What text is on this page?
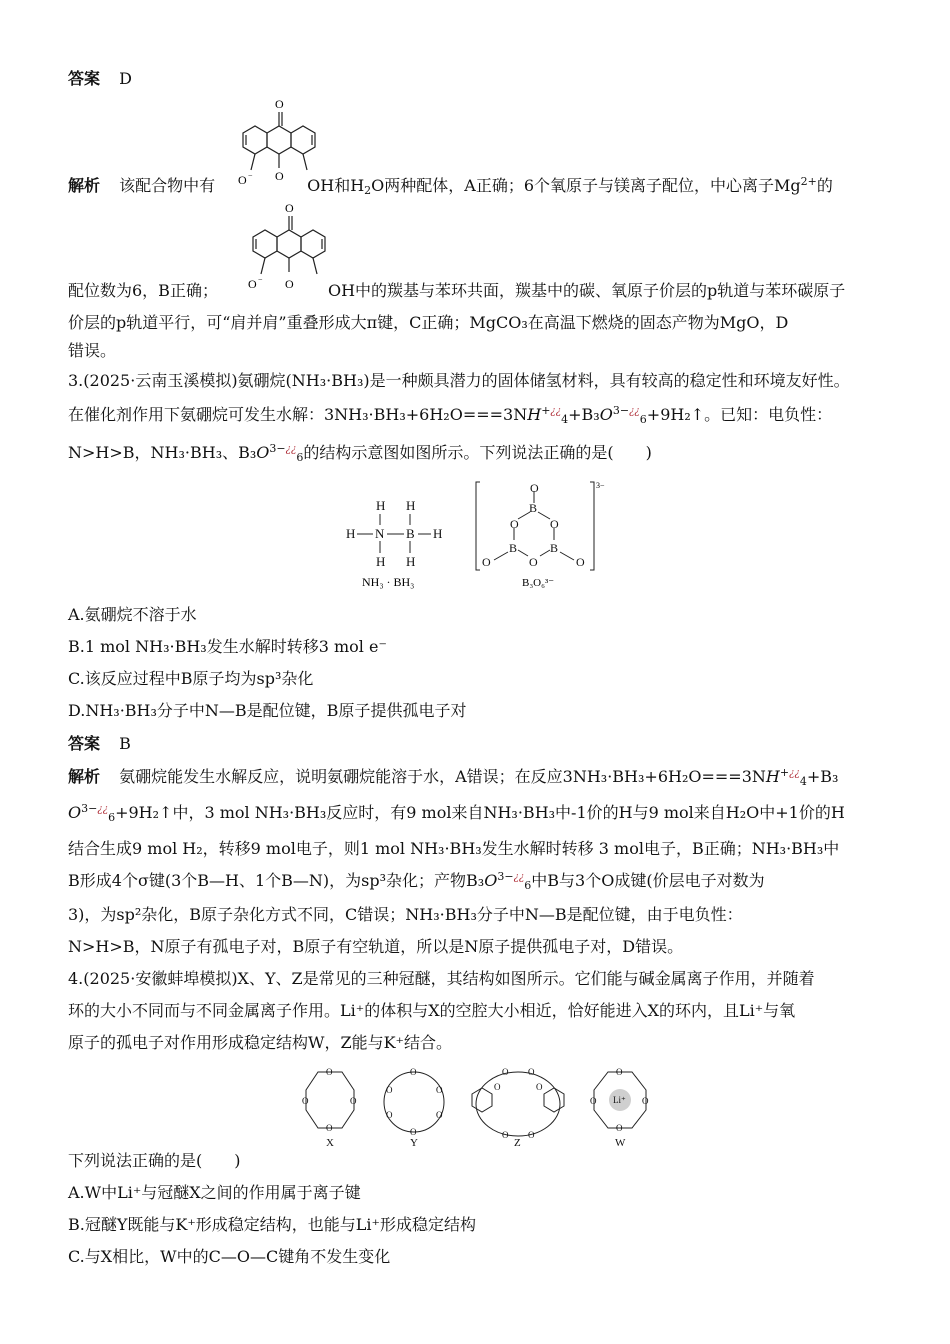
答案 D
O
O
O −
解析 该配合物中有	OH和$H_2O$两种配体，A正确；6个氧原子与镁离子配位，中心离子$Mg^{2+}$的
O
O
O −
配位数为6，B正确；	OH中的羰基与苯环共面，羰基中的碳、氧原子价层的p轨道与苯环碳原子
价层的p轨道平行，可“肩并肩”重叠形成大π键，C正确；MgCO₃在高温下燃烧的固态产物为MgO，D
错误。
3.(2025·云南玉溪模拟)氨硼烷(NH₃·BH₃)是一种颇具潜力的固体储氢材料，具有较高的稳定性和环境友好性。
在催化剂作用下氨硼烷可发生水解：$3NH_3\cdot BH_3+6H_2O===3NH^{+¿¿}_4+B_3O^{3-¿¿}_6+9H_2↑$。已知：电负性：
N>H>B，NH₃·BH₃、$B_3O^{3-¿¿}_6$的结构示意图如图所示。下列说法正确的是(　　)
H H
H N B H
H H
NH₃ · BH₃
O
B
O	O
B	B
O
O	O
3−
B₃O₆³⁻
A.氨硼烷不溶于水
B.1 mol NH₃·BH₃发生水解时转移3 mol e⁻
C.该反应过程中B原子均为sp³杂化
D.NH₃·BH₃分子中N—B是配位键，B原子提供孤电子对
答案 B
解析 氨硼烷能发生水解反应，说明氨硼烷能溶于水，A错误；在反应$3NH_3\cdot BH_3+6H_2O===3NH^{+¿¿}_4+B_3$
$O^{3-¿¿}_6+9H_2↑$中，3 mol NH₃·BH₃反应时，有9 mol来自NH₃·BH₃中-1价的H与9 mol来自H₂O中+1价的H
结合生成9 mol H₂，转移9 mol电子，则1 mol NH₃·BH₃发生水解时转移 3 mol电子，B正确；NH₃·BH₃中
B形成4个σ键(3个B—H、1个B—N)，为sp³杂化；产物$B_3O^{3-¿¿}_6$中B与3个O成键(价层电子对数为
3)，为sp²杂化，B原子杂化方式不同，C错误；NH₃·BH₃分子中N—B是配位键，由于电负性：
N>H>B，N原子有孤电子对，B原子有空轨道，所以是N原子提供孤电子对，D错误。
4.(2025·安徽蚌埠模拟)X、Y、Z是常见的三种冠醚，其结构如图所示。它们能与碱金属离子作用，并随着
环的大小不同而与不同金属离子作用。Li⁺的体积与X的空腔大小相近，恰好能进入X的环内，且Li⁺与氧
原子的孤电子对作用形成稳定结构W，Z能与K⁺结合。
O
O	O
O
O
O	O
O	O
O
O O
O	O
O O
O
O	O
O
Li⁺
X	Y	Z	W
下列说法正确的是(　　)
A.W中Li⁺与冠醚X之间的作用属于离子键
B.冠醚Y既能与K⁺形成稳定结构，也能与Li⁺形成稳定结构
C.与X相比，W中的C—O—C键角不发生变化
